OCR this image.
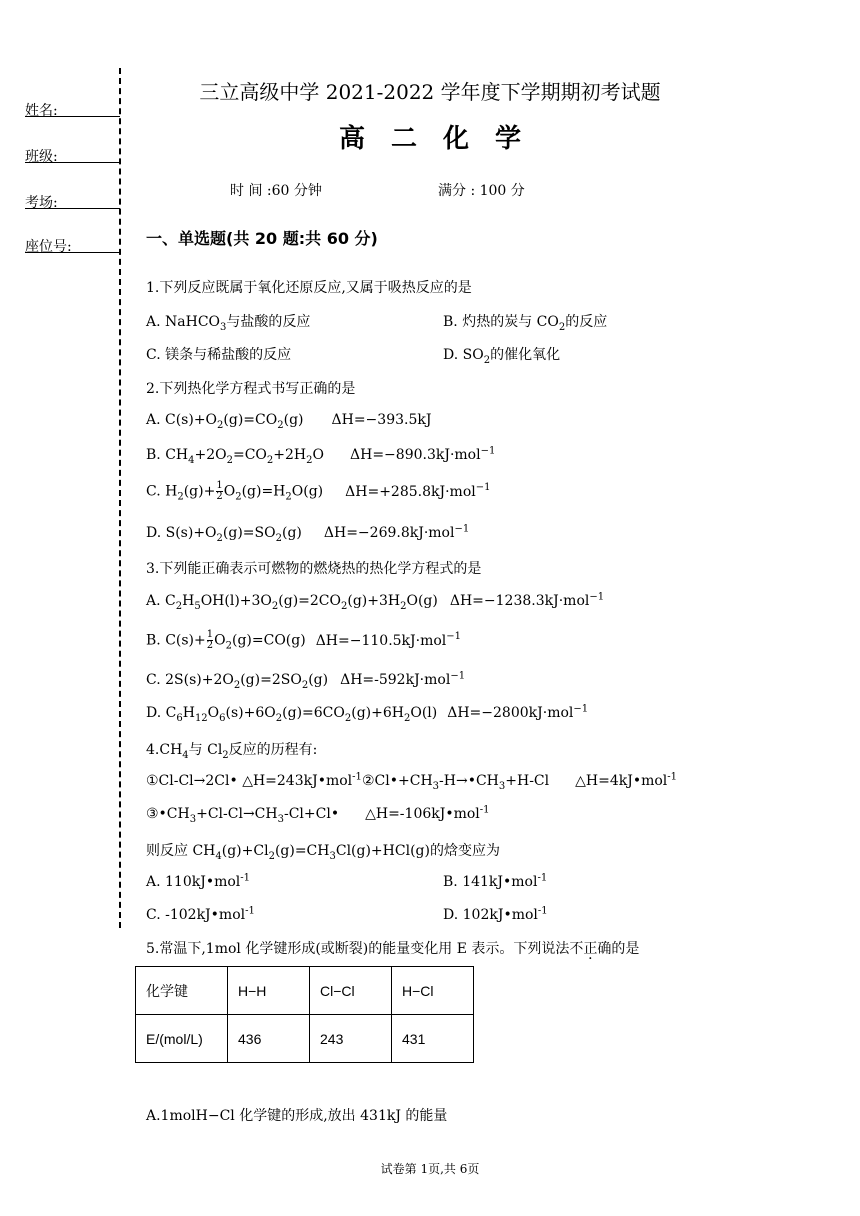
姓名:
班级:
考场:
座位号:
三立高级中学 2021-2022 学年度下学期期初考试题
高二化学
时 间 :60 分钟	满分 : 100 分
一、单选题(共 20 题:共 60 分)
1.下列反应既属于氧化还原反应,又属于吸热反应的是
A. NaHCO$_3$与盐酸的反应	B. 灼热的炭与 $CO_2$的反应
C. 镁条与稀盐酸的反应	D. $SO_2$的催化氧化
2.下列热化学方程式书写正确的是
A. $C(s)+O_2(g)=CO_2(g)$ ΔH=−393.5kJ
B. $CH_4+2O_2=CO_2+2H_2O$ ΔH=−890.3kJ·mol$^{-1}$
C. $H_2(g)+ \frac{1}{2} O_2(g)=H_2O(g)$ ΔH=+285.8kJ·mol$^{-1}$
D. $S(s)+O_2(g)=SO_2(g)$ ΔH=−269.8kJ·mol$^{-1}$
3.下列能正确表示可燃物的燃烧热的热化学方程式的是
A. $C_2H_5OH(l)+3O_2(g)=2CO_2(g)+3H_2O(g)$ ΔH=−1238.3kJ·mol$^{-1}$
B. $C(s)+ \frac{1}{2} O_2(g)=CO(g)$ ΔH=−110.5kJ·mol$^{-1}$
C. $2S(s)+2O_2(g)=2SO_2(g)$ ΔH=-592kJ·mol$^{-1}$
D. $C_6H_{12}O_6(s)+6O_2(g)=6CO_2(g)+6H_2O(l)$ ΔH=−2800kJ·mol$^{-1}$
$4.CH_4$与 $Cl_2$反应的历程有:
①Cl-Cl→2Cl• △H=243kJ•mol$^{-1}$ $②Cl•+CH_3-H\to•CH_3+H-Cl$ △H=4kJ•mol$^{-1}$
$③•CH_3+Cl-Cl\to CH_3-Cl+Cl•$ △H=-106kJ•mol$^{-1}$
则反应 $CH_4(g)+Cl_2(g)=CH_3Cl(g)+HCl(g)$的焓变应为
A. 110kJ•mol$^{-1}$	B. 141kJ•mol$^{-1}$
C. -102kJ•mol$^{-1}$	D. 102kJ•mol$^{-1}$
5.常温下,1mol 化学键形成(或断裂)的能量变化用 E 表示。下列说法不正确的是
化学键	H−H	Cl−Cl	H−Cl
E/(mol/L)	436	243	431
A.1molH−Cl 化学键的形成,放出 431kJ 的能量
试卷第 1页,共 6页
